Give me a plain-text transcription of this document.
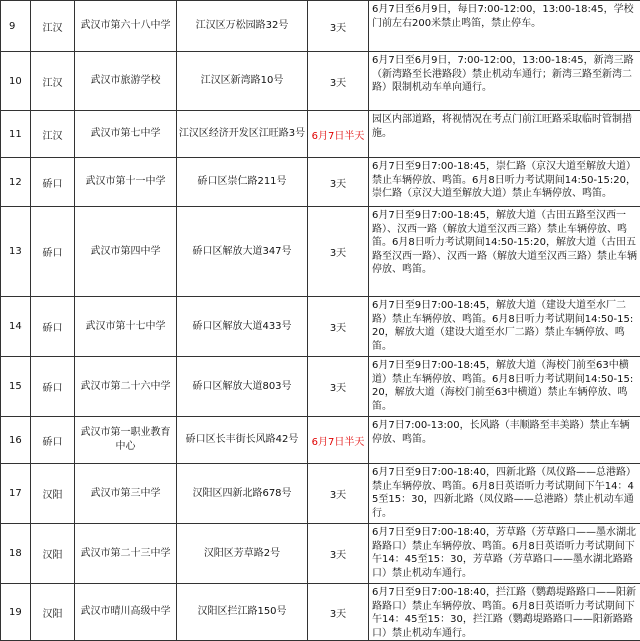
9	江汉	武汉市第六十八中学	江汉区万松园路32号	3天	6月7日至6月9日，每日7:00-12:00，13:00-18:45，学校门前左右200米禁止鸣笛，禁止停车。
10	江汉	武汉市旅游学校	江汉区新湾路10号	3天	6月7日至6月9日，7:00-12:00，13:00-18:45，新湾三路（新湾路至长港路段）禁止机动车通行；新湾三路至新湾二路）限制机动车单向通行。
11	江汉	武汉市第七中学	江汉区经济开发区江旺路3号	6月7日半天	园区内部道路，将视情况在考点门前江旺路采取临时管制措施。
12	硚口	武汉市第十一中学	硚口区崇仁路211号	3天	6月7日至9日7:00-18:45，崇仁路（京汉大道至解放大道）禁止车辆停放、鸣笛。6月8日听力考试期间14:50-15:20，崇仁路（京汉大道至解放大道）禁止车辆停放、鸣笛。
13	硚口	武汉市第四中学	硚口区解放大道347号	3天	6月7日至9日7:00-18:45，解放大道（古田五路至汉西一路）、汉西一路（解放大道至汉西三路）禁止车辆停放、鸣笛。6月8日听力考试期间14:50-15:20，解放大道（古田五路至汉西一路）、汉西一路（解放大道至汉西三路）禁止车辆停放、鸣笛。
14	硚口	武汉市第十七中学	硚口区解放大道433号	3天	6月7日至9日7:00-18:45，解放大道（建设大道至水厂二路）禁止车辆停放、鸣笛。6月8日听力考试期间14:50-15:20，解放大道（建设大道至水厂二路）禁止车辆停放、鸣笛。
15	硚口	武汉市第二十六中学	硚口区解放大道803号	3天	6月7日至9日7:00-18:45，解放大道（海校门前至63中横道）禁止车辆停放、鸣笛。6月8日听力考试期间14:50-15:20，解放大道（海校门前至63中横道）禁止车辆停放、鸣笛。
16	硚口	武汉市第一职业教育中心	硚口区长丰街长风路42号	6月7日半天	6月7日7:00-13:00，长风路（丰顺路至丰美路）禁止车辆停放、鸣笛。
17	汉阳	武汉市第三中学	汉阳区四新北路678号	3天	6月7日至9日7:00-18:40，四新北路（凤仪路——总港路）禁止车辆停放、鸣笛。6月8日英语听力考试期间下午14：45至15：30，四新北路（凤仪路——总港路）禁止机动车通行。
18	汉阳	武汉市第二十三中学	汉阳区芳草路2号	3天	6月7日至9日7:00-18:40，芳草路（芳草路口——墨水湖北路路口）禁止车辆停放、鸣笛。6月8日英语听力考试期间下午14：45至15：30，芳草路（芳草路口——墨水湖北路路口）禁止机动车通行。
19	汉阳	武汉市晴川高级中学	汉阳区拦江路150号	3天	6月7日至9日7:00-18:40，拦江路（鹦鹉堤路路口——阳新路路口）禁止车辆停放、鸣笛。6月8日英语听力考试期间下午14：45至15：30，拦江路（鹦鹉堤路路口——阳新路路口）禁止机动车通行。
